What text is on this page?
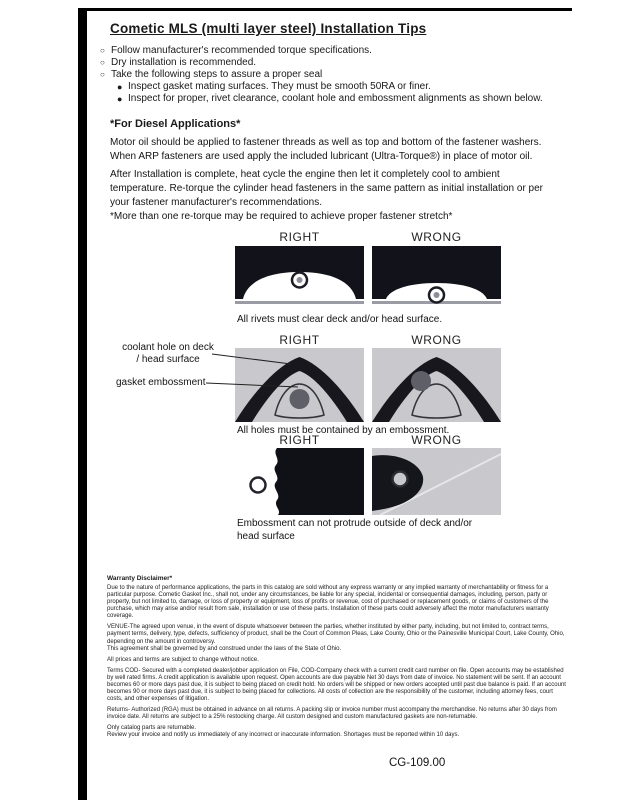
Cometic MLS (multi layer steel) Installation Tips
○ Follow manufacturer's recommended torque specifications.
○ Dry installation is recommended.
○ Take the following steps to assure a proper seal
● Inspect gasket mating surfaces. They must be smooth 50RA or finer.
● Inspect for proper, rivet clearance, coolant hole and embossment alignments as shown below.
*For Diesel Applications*
Motor oil should be applied to fastener threads as well as top and bottom of the fastener washers. When ARP fasteners are used apply the included lubricant (Ultra-Torque®) in place of motor oil.
After Installation is complete, heat cycle the engine then let it completely cool to ambient temperature. Re-torque the cylinder head fasteners in the same pattern as initial installation or per your fastener manufacturer's recommendations.
*More than one re-torque may be required to achieve proper fastener stretch*
RIGHT	WRONG
All rivets must clear deck and/or head surface.
RIGHT	WRONG
coolant hole on deck / head surface
gasket embossment
All holes must be contained by an embossment.
RIGHT	WRONG
Embossment can not protrude outside of deck and/or head surface
Warranty Disclaimer*

Due to the nature of performance applications, the parts in this catalog are sold without any express warranty or any implied warranty of merchantability or fitness for a particular purpose. Cometic Gasket Inc., shall not, under any circumstances, be liable for any special, incidental or consequential damages, including, person, party or property, but not limited to, damage, or loss of property or equipment, loss of profits or revenue, cost of purchased or replacement goods, or claims of customers of the purchase, which may arise and/or result from sale, installation or use of these parts. Installation of these parts could adversely affect the motor manufacturers warranty coverage.

VENUE-The agreed upon venue, in the event of dispute whatsoever between the parties, whether instituted by either party, including, but not limited to, contract terms, payment terms, delivery, type, defects, sufficiency of product, shall be the Court of Common Pleas, Lake County, Ohio or the Painesville Municipal Court, Lake County, Ohio, depending on the amount in controversy.

This agreement shall be governed by and construed under the laws of the State of Ohio.

All prices and terms are subject to change without notice.

Terms COD- Secured with a completed dealer/jobber application on File, COD-Company check with a current credit card number on file. Open accounts may be established by well rated firms. A credit application is available upon request. Open accounts are due payable Net 30 days from date of invoice. No statement will be sent. If an account becomes 60 or more days past due, it is subject to being placed on credit hold. No orders will be shipped or new orders accepted until past due balance is paid. If an account becomes 90 or more days past due, it is subject to being placed for collections. All costs of collection are the responsibility of the customer, including attorney fees, court costs, and other expenses of litigation.

Returns- Authorized (RGA) must be obtained in advance on all returns. A packing slip or invoice number must accompany the merchandise. No returns after 30 days from invoice date. All returns are subject to a 25% restocking charge. All custom designed and custom manufactured gaskets are non-returnable.

Only catalog parts are returnable.

Review your invoice and notify us immediately of any incorrect or inaccurate information. Shortages must be reported within 10 days.

CG-109.00
